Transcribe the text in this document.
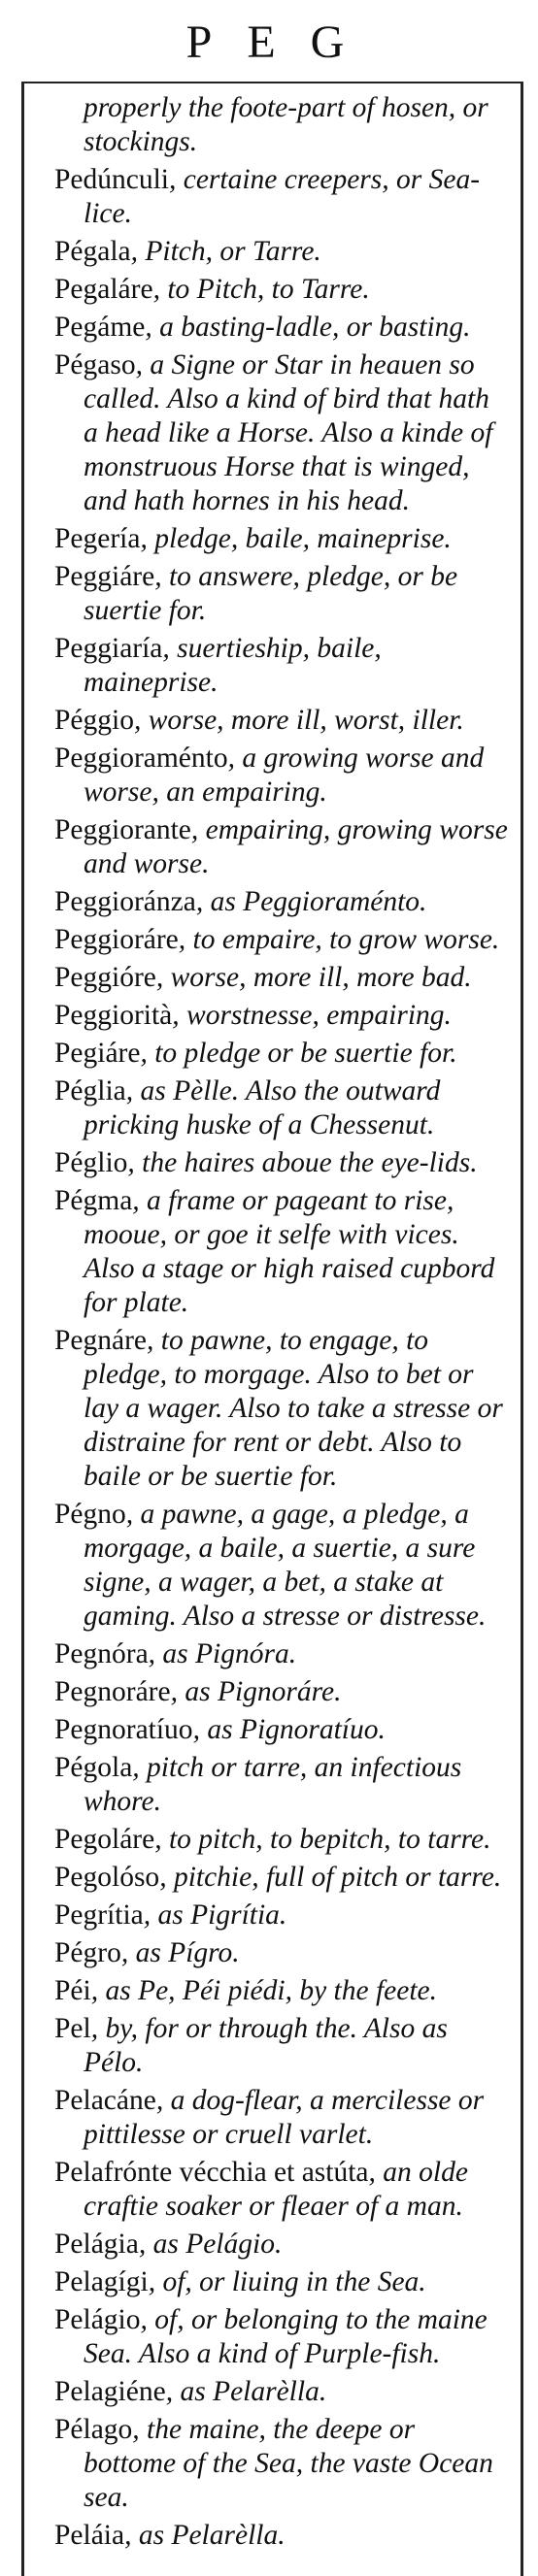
PEG
properly the foote-part of hosen, or stockings.
Pedúnculi, certaine creepers, or Sea-lice.
Pégala, Pitch, or Tarre.
Pegaláre, to Pitch, to Tarre.
Pegáme, a basting-ladle, or basting.
Pégaso, a Signe or Star in heauen so called. Also a kind of bird that hath a head like a Horse. Also a kinde of monstruous Horse that is winged, and hath hornes in his head.
Pegería, pledge, baile, maineprise.
Peggiáre, to answere, pledge, or be suertie for.
Peggiaría, suertieship, baile, maineprise.
Péggio, worse, more ill, worst, iller.
Peggioraménto, a growing worse and worse, an empairing.
Peggiorante, empairing, growing worse and worse.
Peggioránza, as Peggioraménto.
Peggioráre, to empaire, to grow worse.
Peggióre, worse, more ill, more bad.
Peggiorità, worstnesse, empairing.
Pegiáre, to pledge or be suertie for.
Péglia, as Pèlle. Also the outward pricking huske of a Chessenut.
Péglio, the haires aboue the eye-lids.
Pégma, a frame or pageant to rise, mooue, or goe it selfe with vices. Also a stage or high raised cupbord for plate.
Pegnáre, to pawne, to engage, to pledge, to morgage. Also to bet or lay a wager. Also to take a stresse or distraine for rent or debt. Also to baile or be suertie for.
Pégno, a pawne, a gage, a pledge, a morgage, a baile, a suertie, a sure signe, a wager, a bet, a stake at gaming. Also a stresse or distresse.
Pegnóra, as Pignóra.
Pegnoráre, as Pignoráre.
Pegnoratíuo, as Pignoratíuo.
Pégola, pitch or tarre, an infectious whore.
Pegoláre, to pitch, to bepitch, to tarre.
Pegolóso, pitchie, full of pitch or tarre.
Pegrítia, as Pigrítia.
Pégro, as Pígro.
Péi, as Pe, Péi piédi, by the feete.
Pel, by, for or through the. Also as Pélo.
Pelacáne, a dog-flear, a mercilesse or pittilesse or cruell varlet.
Pelafrónte vécchia et astúta, an olde craftie soaker or fleaer of a man.
Pelágia, as Pelágio.
Pelagígi, of, or liuing in the Sea.
Pelágio, of, or belonging to the maine Sea. Also a kind of Purple-fish.
Pelagiéne, as Pelarèlla.
Pélago, the maine, the deepe or bottome of the Sea, the vaste Ocean sea.
Peláia, as Pelarèlla.
